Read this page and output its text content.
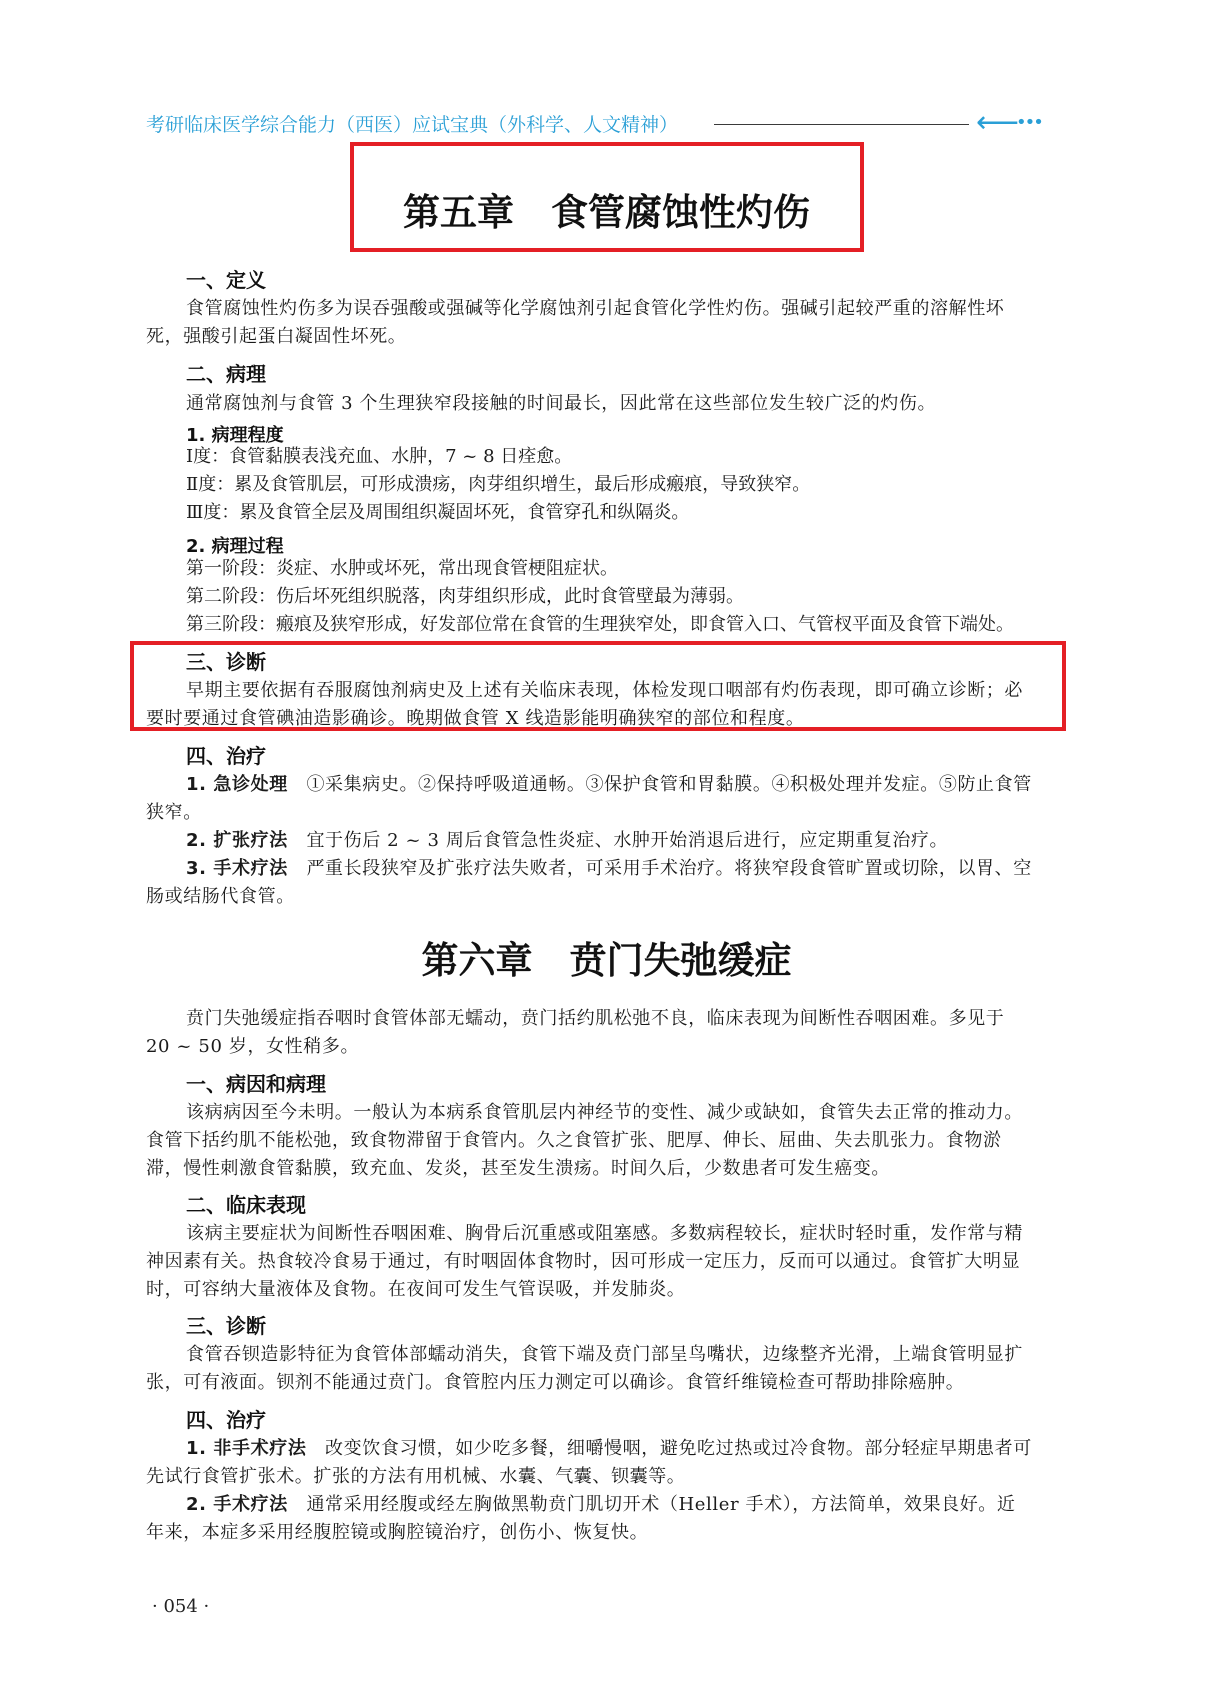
考研临床医学综合能力（西医）应试宝典（外科学、人文精神）	⟵
•••
第五章　食管腐蚀性灼伤
一、定义
食管腐蚀性灼伤多为误吞强酸或强碱等化学腐蚀剂引起食管化学性灼伤。强碱引起较严重的溶解性坏死，强酸引起蛋白凝固性坏死。
二、病理
通常腐蚀剂与食管 3 个生理狭窄段接触的时间最长，因此常在这些部位发生较广泛的灼伤。
1. 病理程度
Ⅰ度：食管黏膜表浅充血、水肿，7 ~ 8 日痊愈。
Ⅱ度：累及食管肌层，可形成溃疡，肉芽组织增生，最后形成瘢痕，导致狭窄。
Ⅲ度：累及食管全层及周围组织凝固坏死，食管穿孔和纵隔炎。
2. 病理过程
第一阶段：炎症、水肿或坏死，常出现食管梗阻症状。
第二阶段：伤后坏死组织脱落，肉芽组织形成，此时食管壁最为薄弱。
第三阶段：瘢痕及狭窄形成，好发部位常在食管的生理狭窄处，即食管入口、气管杈平面及食管下端处。
三、诊断
早期主要依据有吞服腐蚀剂病史及上述有关临床表现，体检发现口咽部有灼伤表现，即可确立诊断；必要时要通过食管碘油造影确诊。晚期做食管 X 线造影能明确狭窄的部位和程度。
四、治疗
1. 急诊处理　 ①采集病史。②保持呼吸道通畅。③保护食管和胃黏膜。④积极处理并发症。⑤防止食管狭窄。
2. 扩张疗法　 宜于伤后 2 ~ 3 周后食管急性炎症、水肿开始消退后进行，应定期重复治疗。
3. 手术疗法　 严重长段狭窄及扩张疗法失败者，可采用手术治疗。将狭窄段食管旷置或切除，以胃、空肠或结肠代食管。
第六章　贲门失弛缓症
贲门失弛缓症指吞咽时食管体部无蠕动，贲门括约肌松弛不良，临床表现为间断性吞咽困难。多见于 20 ~ 50 岁，女性稍多。
一、病因和病理
该病病因至今未明。一般认为本病系食管肌层内神经节的变性、减少或缺如，食管失去正常的推动力。食管下括约肌不能松弛，致食物滞留于食管内。久之食管扩张、肥厚、伸长、屈曲、失去肌张力。食物淤滞，慢性刺激食管黏膜，致充血、发炎，甚至发生溃疡。时间久后，少数患者可发生癌变。
二、临床表现
该病主要症状为间断性吞咽困难、胸骨后沉重感或阻塞感。多数病程较长，症状时轻时重，发作常与精神因素有关。热食较冷食易于通过，有时咽固体食物时，因可形成一定压力，反而可以通过。食管扩大明显时，可容纳大量液体及食物。在夜间可发生气管误吸，并发肺炎。
三、诊断
食管吞钡造影特征为食管体部蠕动消失，食管下端及贲门部呈鸟嘴状，边缘整齐光滑，上端食管明显扩张，可有液面。钡剂不能通过贲门。食管腔内压力测定可以确诊。食管纤维镜检查可帮助排除癌肿。
四、治疗
1. 非手术疗法　 改变饮食习惯，如少吃多餐，细嚼慢咽，避免吃过热或过冷食物。部分轻症早期患者可先试行食管扩张术。扩张的方法有用机械、水囊、气囊、钡囊等。
2. 手术疗法　 通常采用经腹或经左胸做黑勒贲门肌切开术（Heller 手术），方法简单，效果良好。近年来，本症多采用经腹腔镜或胸腔镜治疗，创伤小、恢复快。
· 054 ·
